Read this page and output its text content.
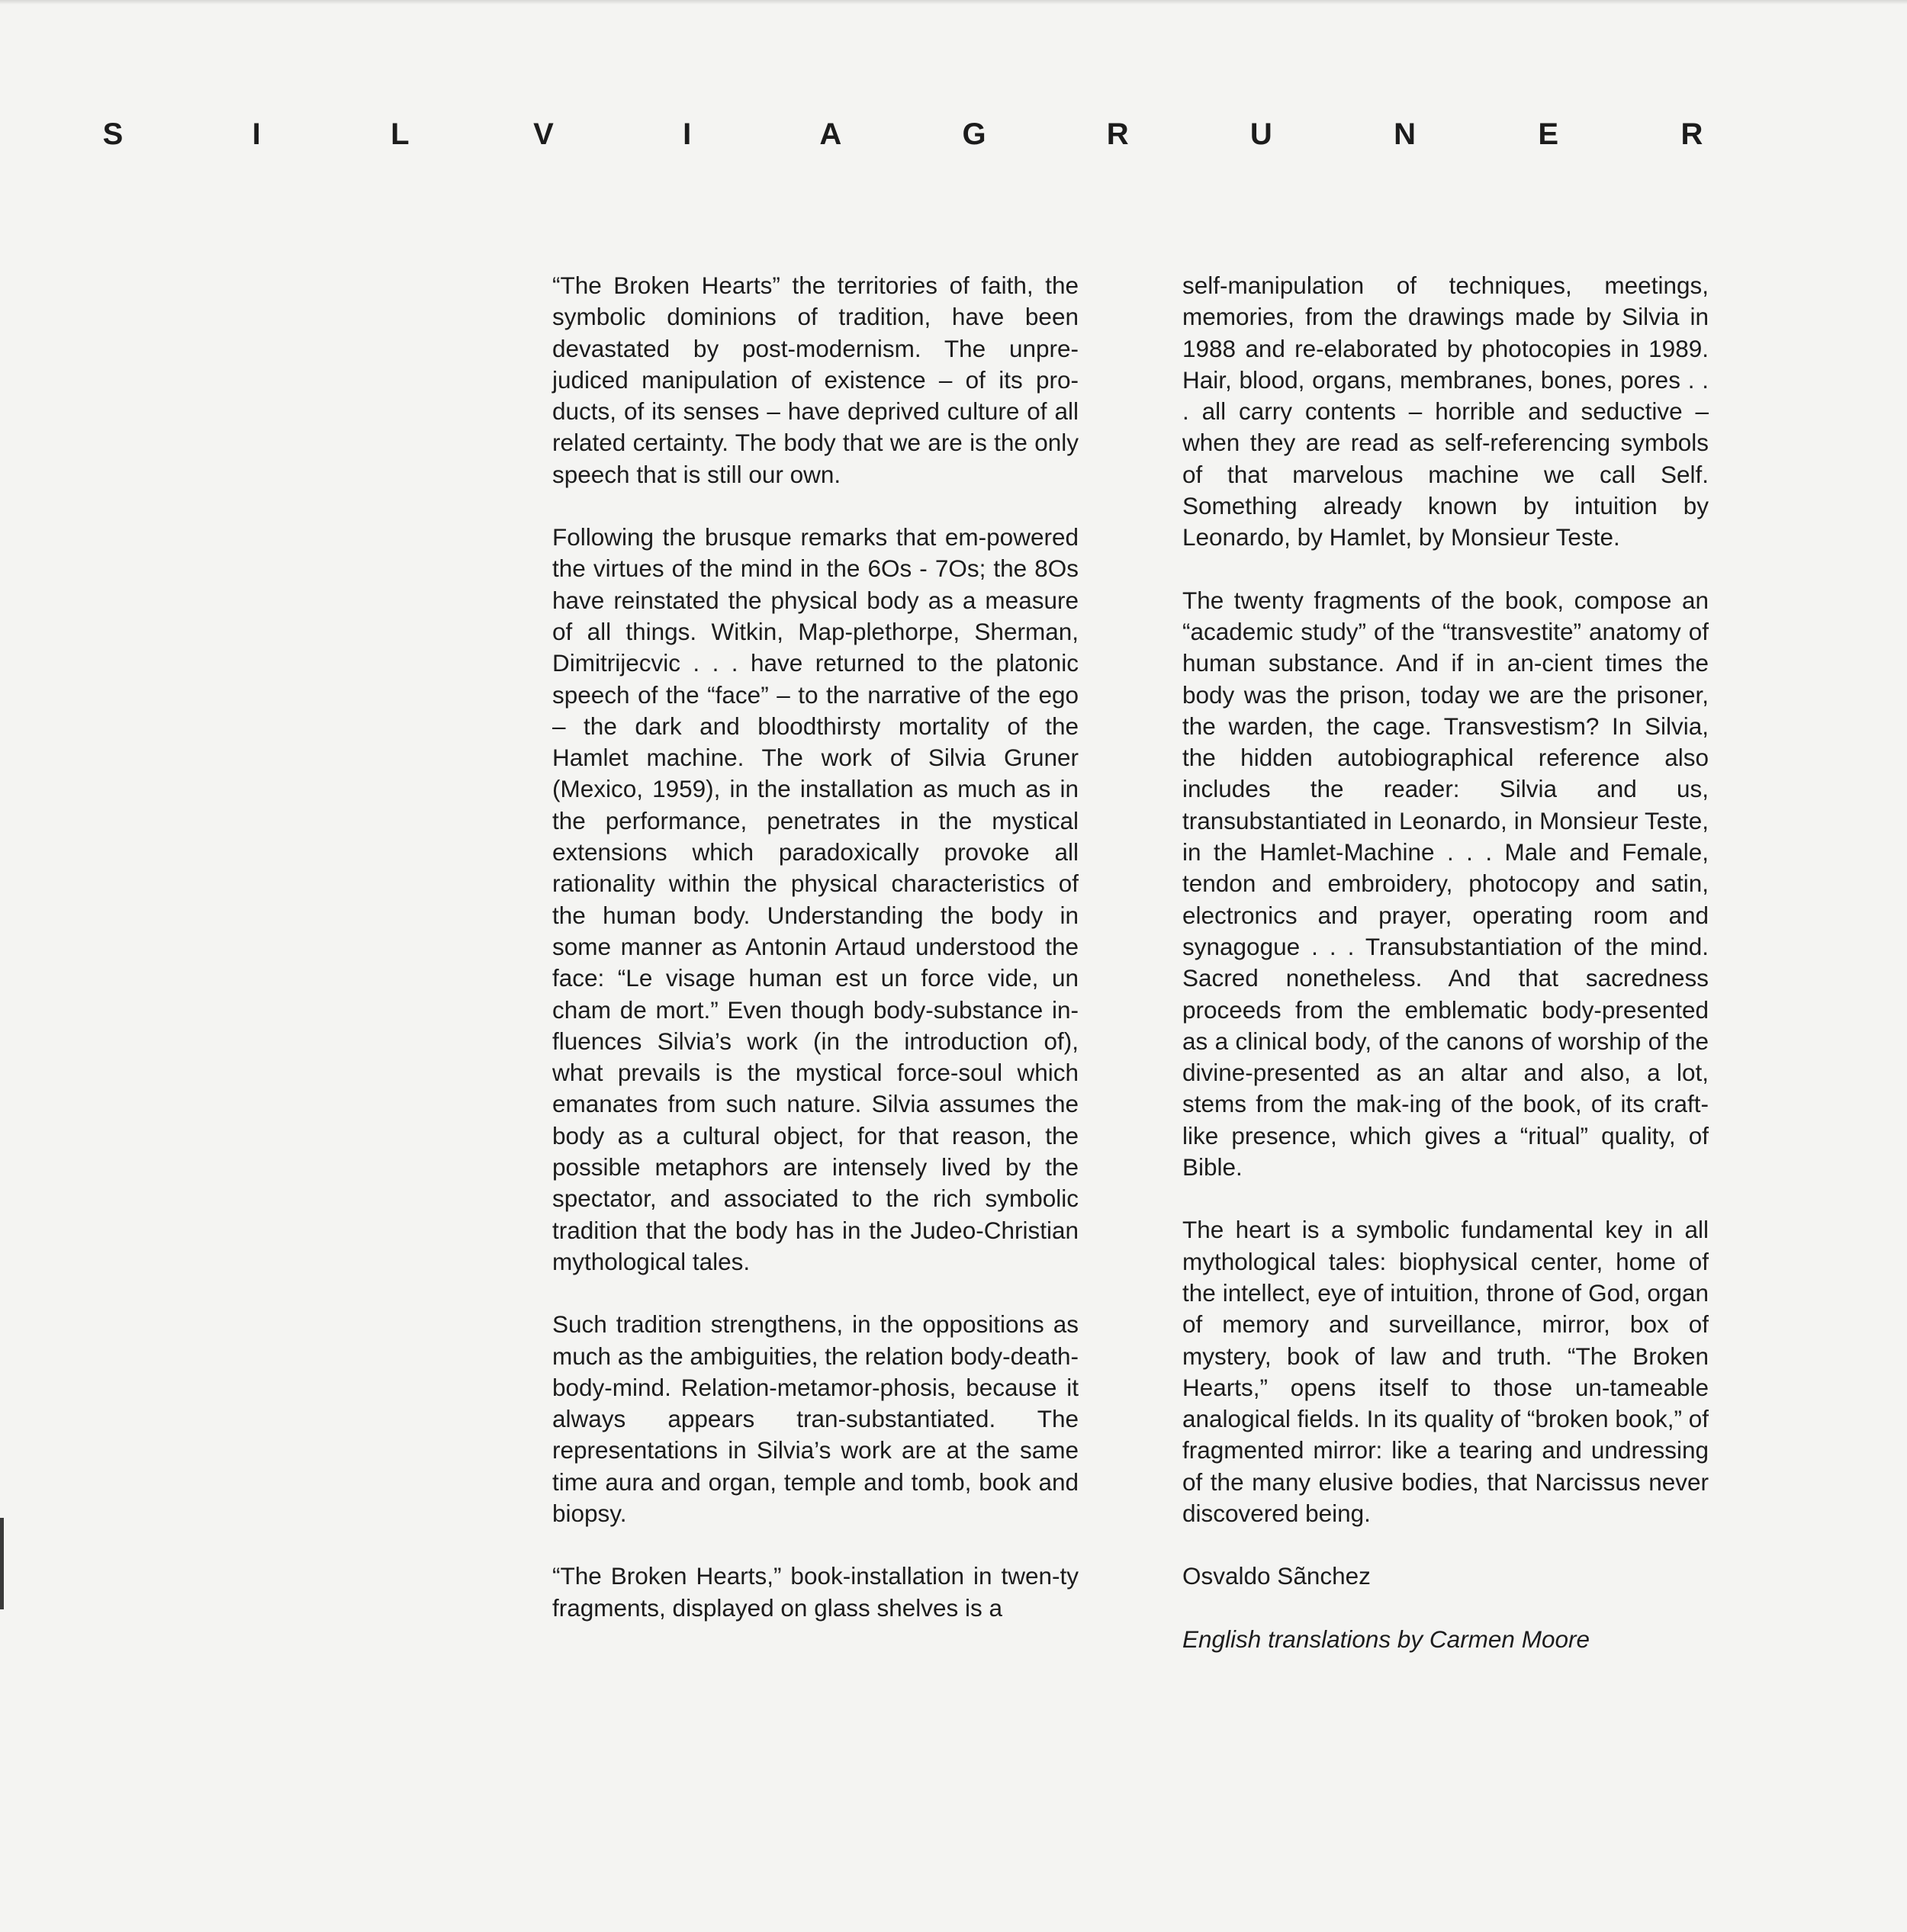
S	I	L	V	I	A	G	R	U	N	E	R

“The Broken Hearts” the territories of faith, the symbolic dominions of tradition, have been devastated by post-modernism. The unpre-judiced manipulation of existence – of its pro-ducts, of its senses – have deprived culture of all related certainty. The body that we are is the only speech that is still our own.

Following the brusque remarks that em-powered the virtues of the mind in the 6Os - 7Os; the 8Os have reinstated the physical body as a measure of all things. Witkin, Map-plethorpe, Sherman, Dimitrijecvic . . . have returned to the platonic speech of the “face” – to the narrative of the ego – the dark and bloodthirsty mortality of the Hamlet machine. The work of Silvia Gruner (Mexico, 1959), in the installation as much as in the performance, penetrates in the mystical extensions which paradoxically provoke all rationality within the physical characteristics of the human body. Understanding the body in some manner as Antonin Artaud understood the face: “Le visage human est un force vide, un cham de mort.” Even though body-substance in-fluences Silvia’s work (in the introduction of), what prevails is the mystical force-soul which emanates from such nature. Silvia assumes the body as a cultural object, for that reason, the possible metaphors are intensely lived by the spectator, and associated to the rich symbolic tradition that the body has in the Judeo-Christian mythological tales.

Such tradition strengthens, in the oppositions as much as the ambiguities, the relation body-death-body-mind. Relation-metamor-phosis, because it always appears tran-substantiated. The representations in Silvia’s work are at the same time aura and organ, temple and tomb, book and biopsy.

“The Broken Hearts,” book-installation in twen-ty fragments, displayed on glass shelves is a

self-manipulation of techniques, meetings, memories, from the drawings made by Silvia in 1988 and re-elaborated by photocopies in 1989. Hair, blood, organs, membranes, bones, pores . . . all carry contents – horrible and seductive – when they are read as self-referencing symbols of that marvelous machine we call Self. Something already known by intuition by Leonardo, by Hamlet, by Monsieur Teste.

The twenty fragments of the book, compose an “academic study” of the “transvestite” anatomy of human substance. And if in an-cient times the body was the prison, today we are the prisoner, the warden, the cage. Transvestism? In Silvia, the hidden autobiographical reference also includes the reader: Silvia and us, transubstantiated in Leonardo, in Monsieur Teste, in the Hamlet-Machine . . . Male and Female, tendon and embroidery, photocopy and satin, electronics and prayer, operating room and synagogue . . . Transubstantiation of the mind. Sacred nonetheless. And that sacredness proceeds from the emblematic body-presented as a clinical body, of the canons of worship of the divine-presented as an altar and also, a lot, stems from the mak-ing of the book, of its craft-like presence, which gives a “ritual” quality, of Bible.

The heart is a symbolic fundamental key in all mythological tales: biophysical center, home of the intellect, eye of intuition, throne of God, organ of memory and surveillance, mirror, box of mystery, book of law and truth. “The Broken Hearts,” opens itself to those un-tameable analogical fields. In its quality of “broken book,” of fragmented mirror: like a tearing and undressing of the many elusive bodies, that Narcissus never discovered being.

Osvaldo Sãnchez

English translations by Carmen Moore
